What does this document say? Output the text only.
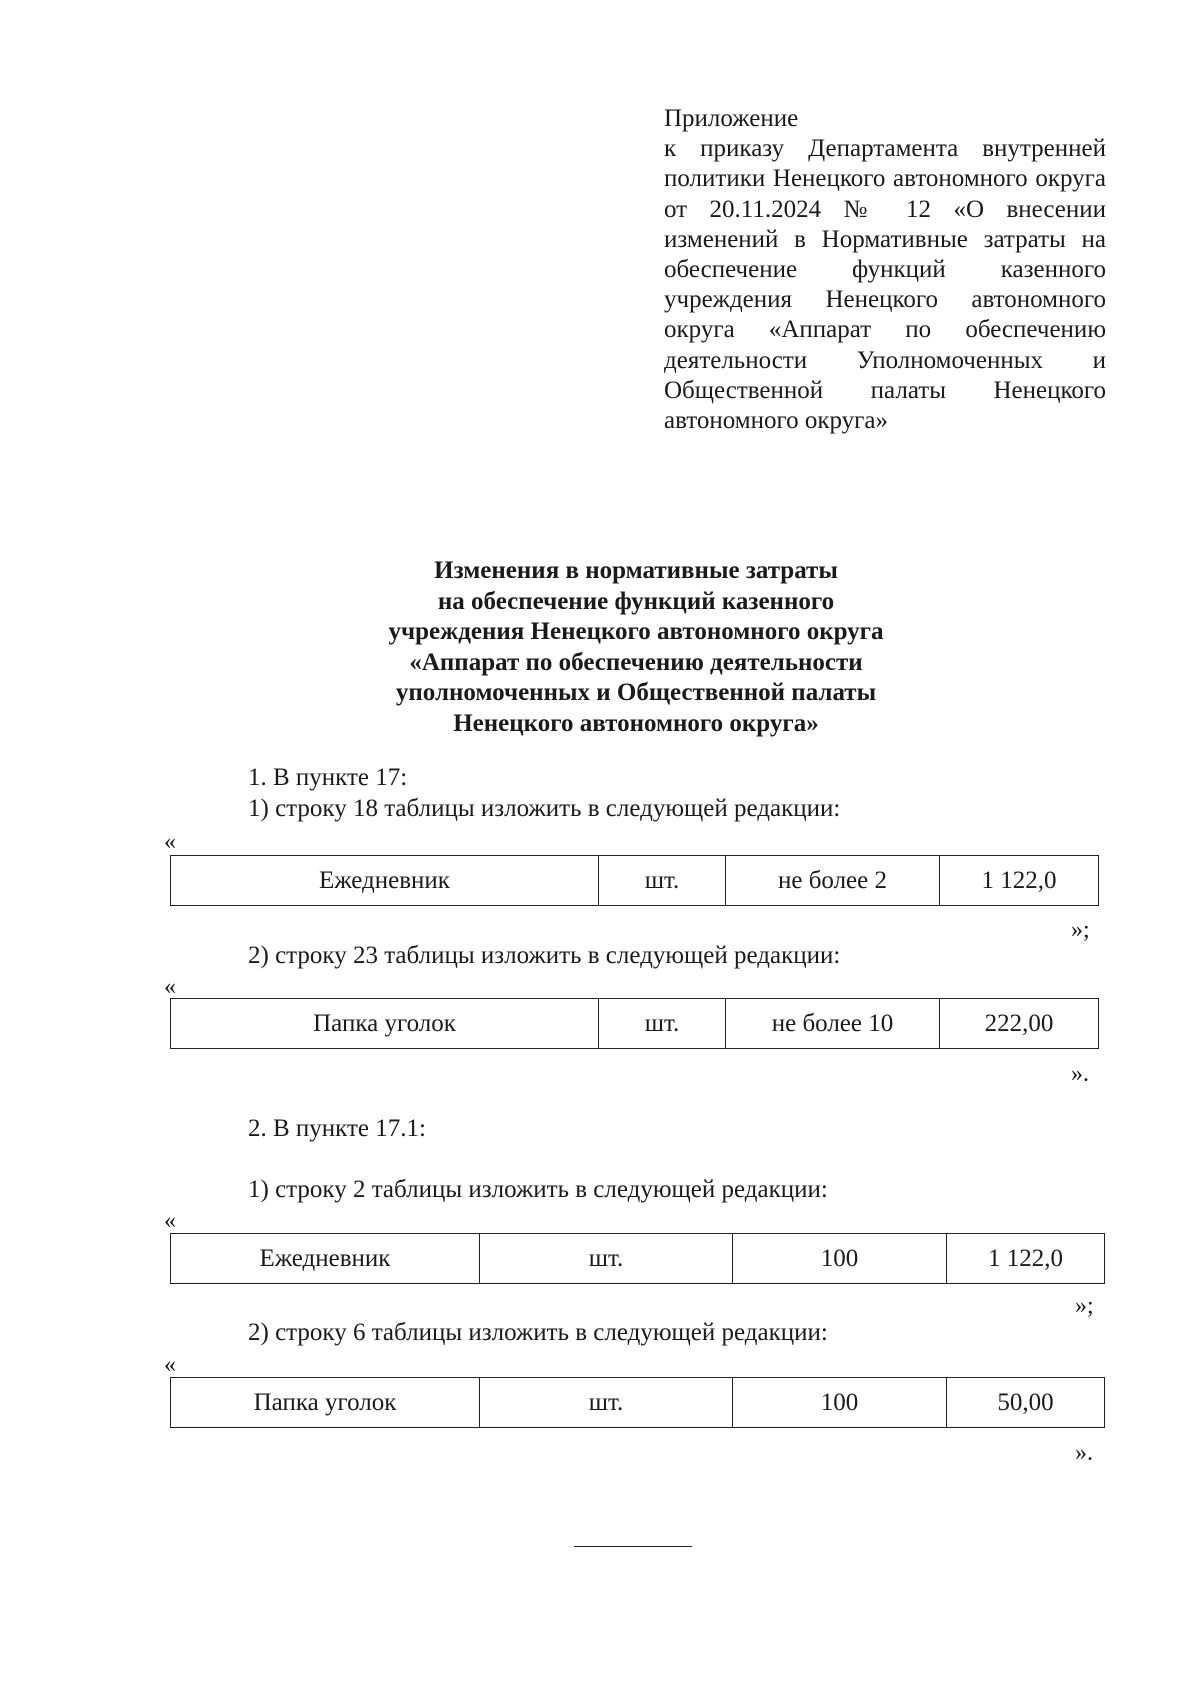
Приложение
к приказу Департамента внутренней политики Ненецкого автономного округа от 20.11.2024 № 12 «О внесении изменений в Нормативные затраты на обеспечение функций казенного учреждения Ненецкого автономного округа «Аппарат по обеспечению деятельности Уполномоченных и Общественной палаты Ненецкого автономного округа»
Изменения в нормативные затраты
на обеспечение функций казенного
учреждения Ненецкого автономного округа
«Аппарат по обеспечению деятельности
уполномоченных и Общественной палаты
Ненецкого автономного округа»
1. В пункте 17:
1) строку 18 таблицы изложить в следующей редакции:
«
Ежедневник	шт.	не более 2	1 122,0
»;
2) строку 23 таблицы изложить в следующей редакции:
«
Папка уголок	шт.	не более 10	222,00
».
2. В пункте 17.1:
1) строку 2 таблицы изложить в следующей редакции:
«
Ежедневник	шт.	100	1 122,0
»;
2) строку 6 таблицы изложить в следующей редакции:
«
Папка уголок	шт.	100	50,00
».
